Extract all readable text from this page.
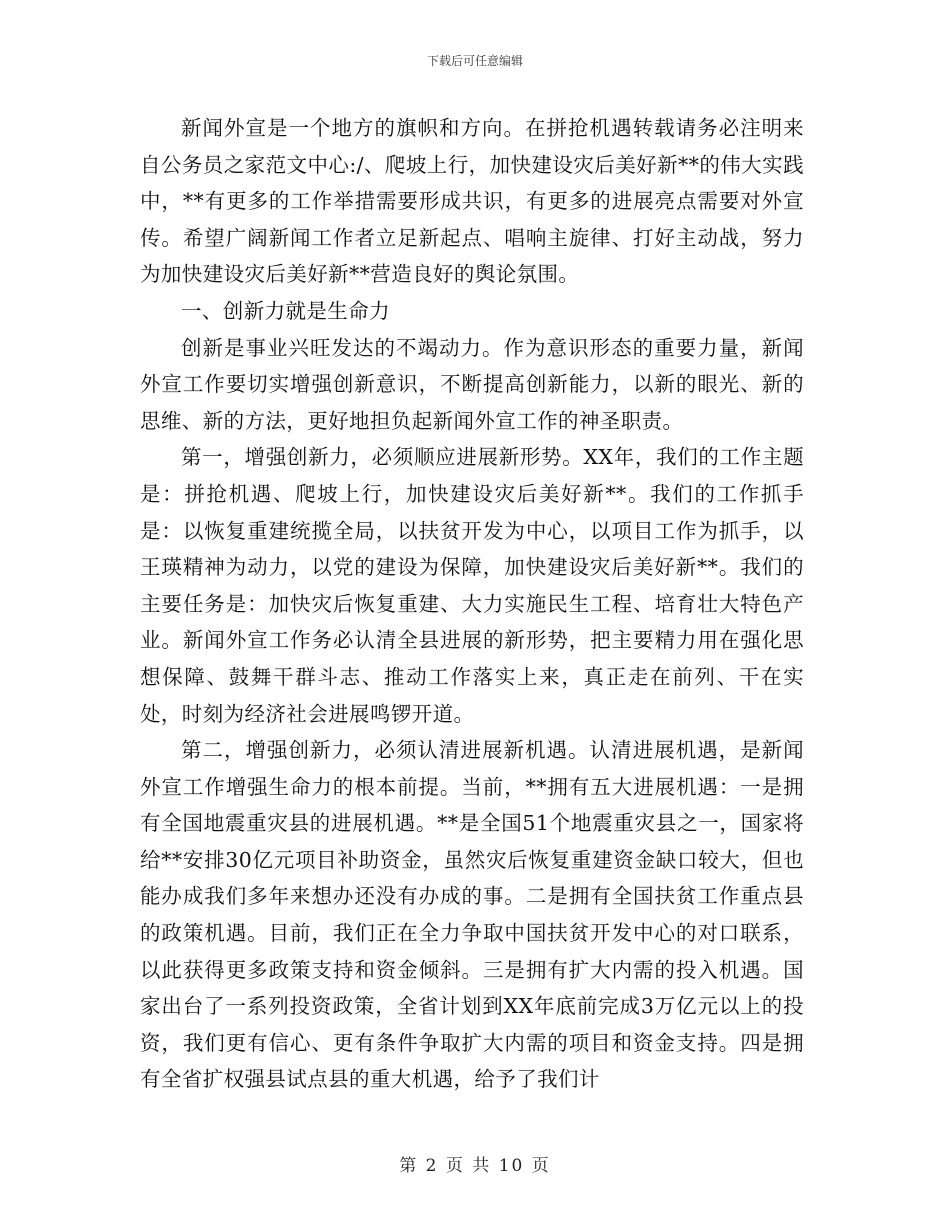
下载后可任意编辑

新闻外宣是一个地方的旗帜和方向。在拼抢机遇转载请务必注明来自公务员之家范文中心:/、爬坡上行，加快建设灾后美好新**的伟大实践中，**有更多的工作举措需要形成共识，有更多的进展亮点需要对外宣传。希望广阔新闻工作者立足新起点、唱响主旋律、打好主动战，努力为加快建设灾后美好新**营造良好的舆论氛围。

一、创新力就是生命力

创新是事业兴旺发达的不竭动力。作为意识形态的重要力量，新闻外宣工作要切实增强创新意识，不断提高创新能力，以新的眼光、新的思维、新的方法，更好地担负起新闻外宣工作的神圣职责。

第一，增强创新力，必须顺应进展新形势。XX年，我们的工作主题是：拼抢机遇、爬坡上行，加快建设灾后美好新**。我们的工作抓手是：以恢复重建统揽全局，以扶贫开发为中心，以项目工作为抓手，以王瑛精神为动力，以党的建设为保障，加快建设灾后美好新**。我们的主要任务是：加快灾后恢复重建、大力实施民生工程、培育壮大特色产业。新闻外宣工作务必认清全县进展的新形势，把主要精力用在强化思想保障、鼓舞干群斗志、推动工作落实上来，真正走在前列、干在实处，时刻为经济社会进展鸣锣开道。

第二，增强创新力，必须认清进展新机遇。认清进展机遇，是新闻外宣工作增强生命力的根本前提。当前，**拥有五大进展机遇：一是拥有全国地震重灾县的进展机遇。**是全国51个地震重灾县之一，国家将给**安排30亿元项目补助资金，虽然灾后恢复重建资金缺口较大，但也能办成我们多年来想办还没有办成的事。二是拥有全国扶贫工作重点县的政策机遇。目前，我们正在全力争取中国扶贫开发中心的对口联系，以此获得更多政策支持和资金倾斜。三是拥有扩大内需的投入机遇。国家出台了一系列投资政策，全省计划到XX年底前完成3万亿元以上的投资，我们更有信心、更有条件争取扩大内需的项目和资金支持。四是拥有全省扩权强县试点县的重大机遇，给予了我们计

第 2 页 共 10 页
